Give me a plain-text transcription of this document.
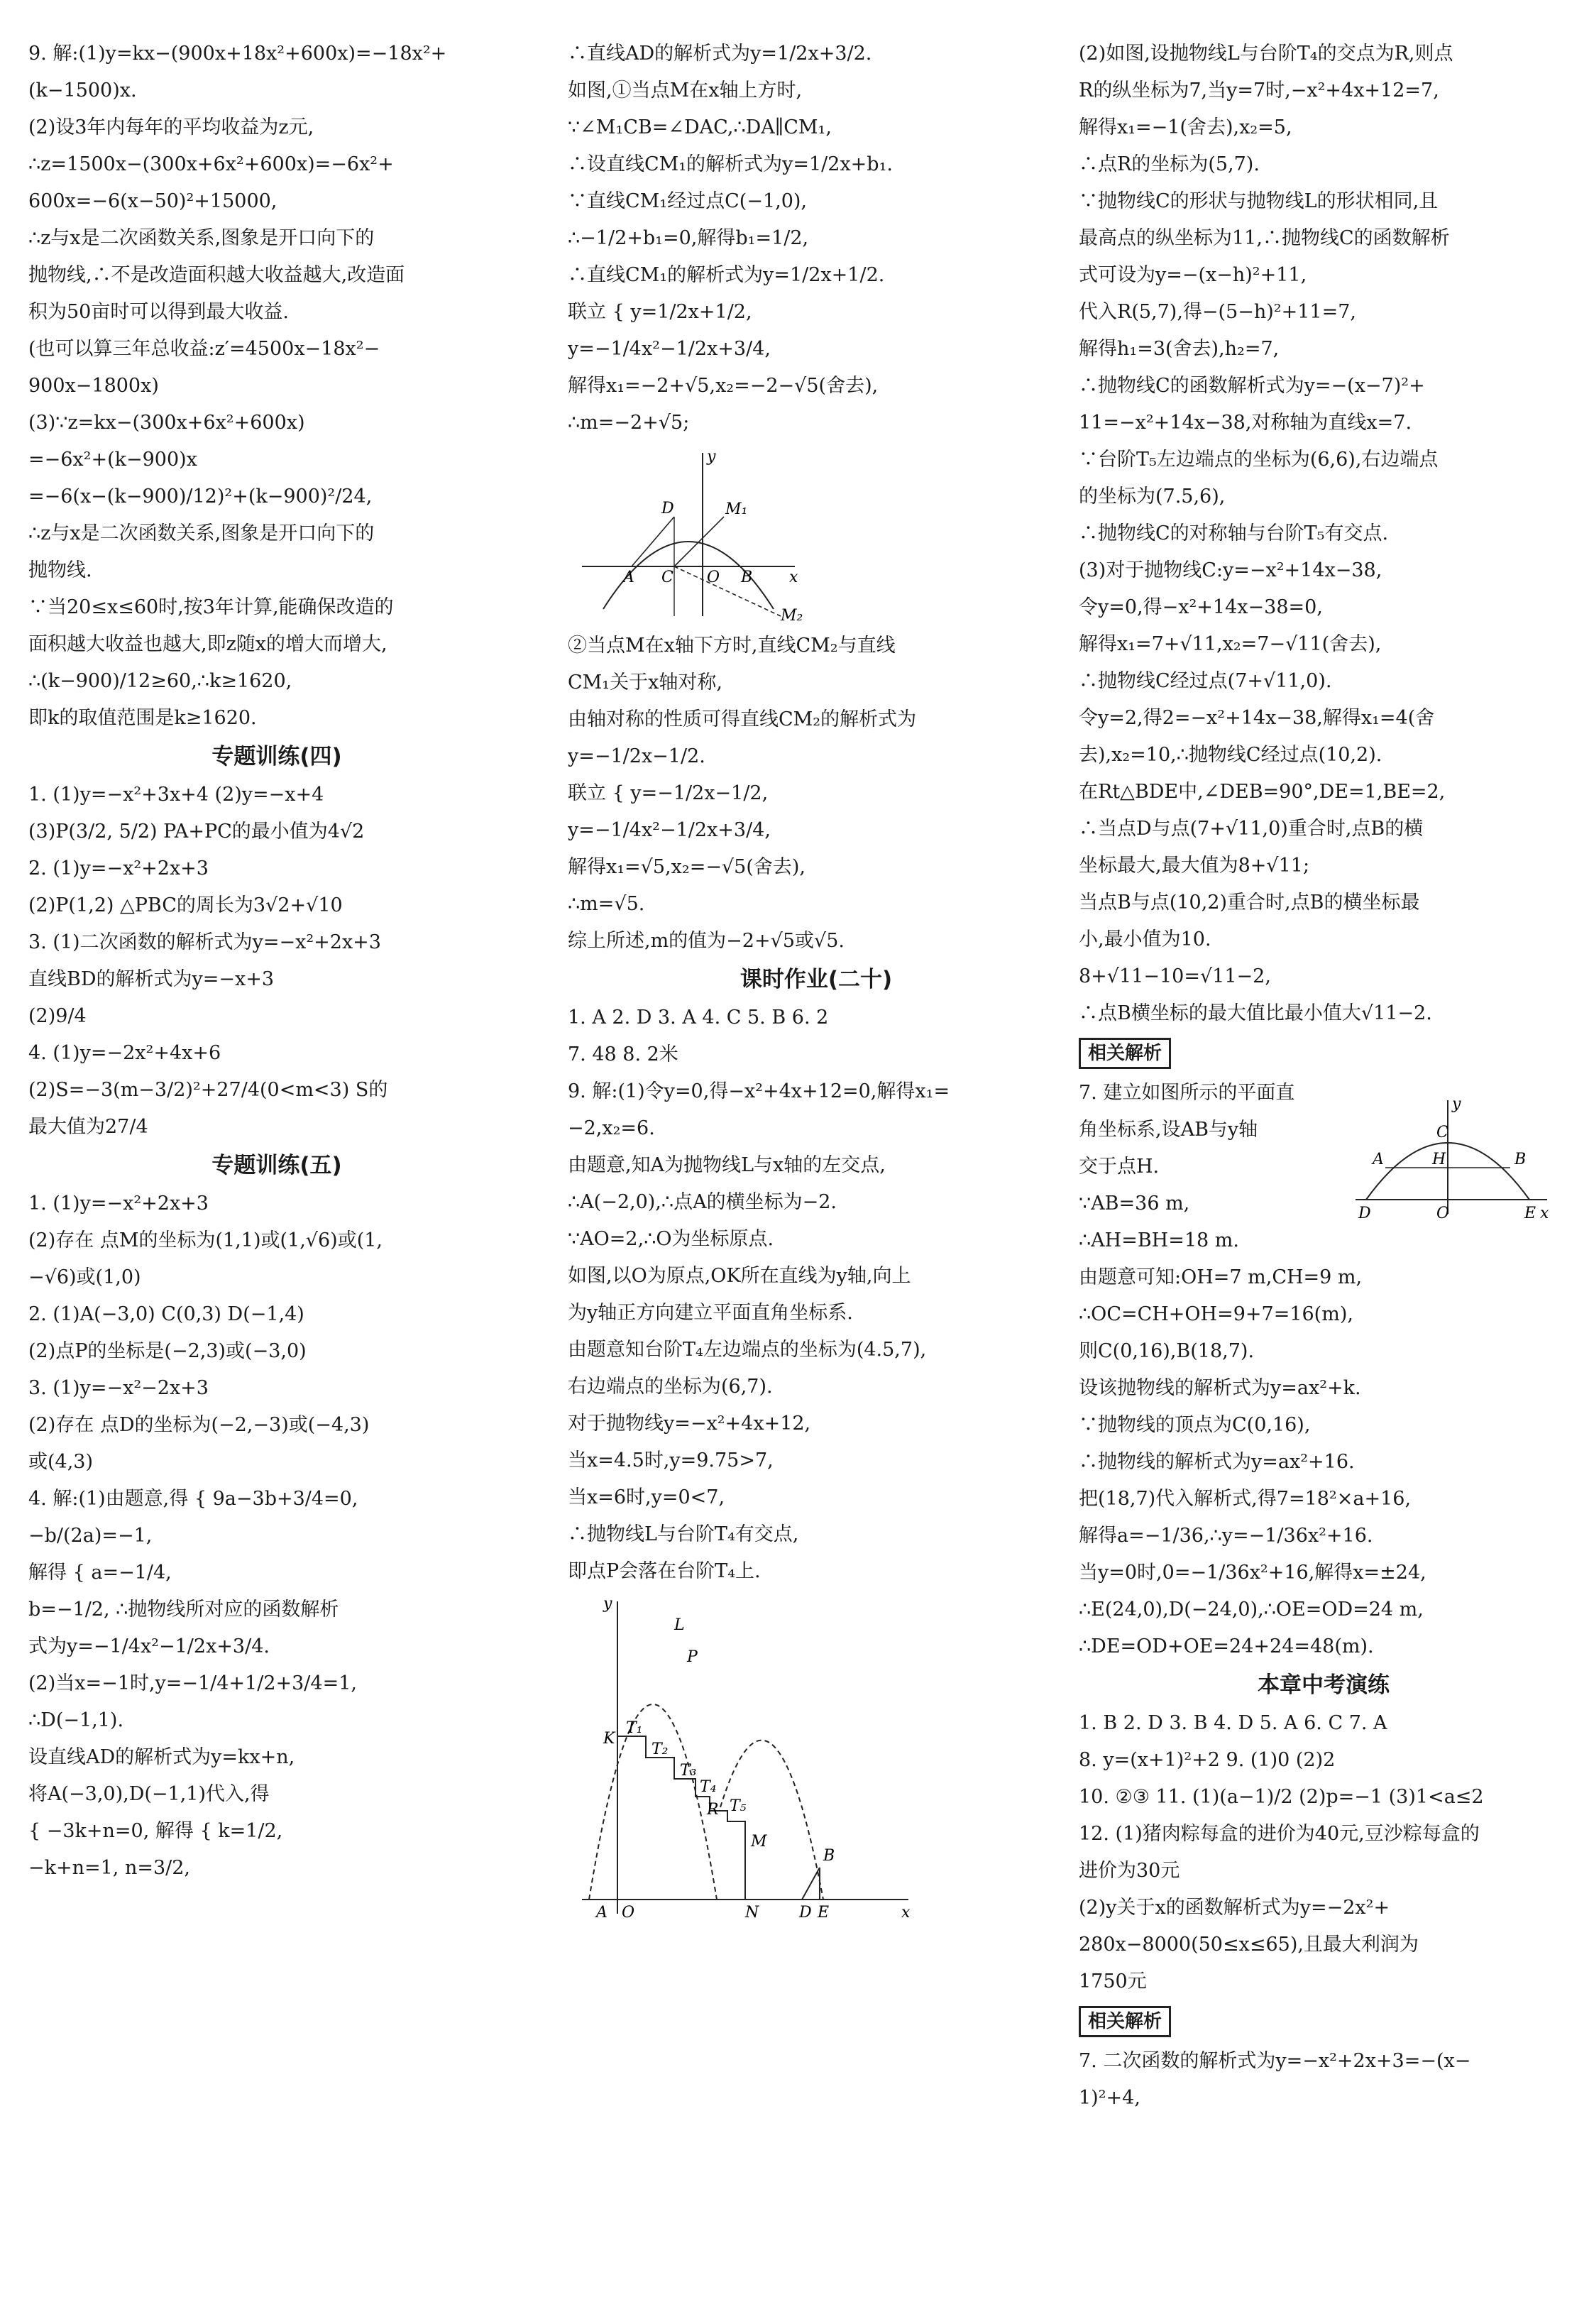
9. 解:(1)y=kx−(900x+18x²+600x)=−18x²+
(k−1500)x.
(2)设3年内每年的平均收益为z元,
∴z=1500x−(300x+6x²+600x)=−6x²+
600x=−6(x−50)²+15000,
∴z与x是二次函数关系,图象是开口向下的
抛物线,∴不是改造面积越大收益越大,改造面
积为50亩时可以得到最大收益.
(也可以算三年总收益:z′=4500x−18x²−
900x−1800x)
(3)∵z=kx−(300x+6x²+600x)
=−6x²+(k−900)x
=−6(x−(k−900)/12)²+(k−900)²/24,
∴z与x是二次函数关系,图象是开口向下的
抛物线.
∵当20≤x≤60时,按3年计算,能确保改造的
面积越大收益也越大,即z随x的增大而增大,
∴(k−900)/12≥60,∴k≥1620,
即k的取值范围是k≥1620.
专题训练(四)
1. (1)y=−x²+3x+4 (2)y=−x+4
(3)P(3/2, 5/2) PA+PC的最小值为4√2
2. (1)y=−x²+2x+3
(2)P(1,2) △PBC的周长为3√2+√10
3. (1)二次函数的解析式为y=−x²+2x+3
直线BD的解析式为y=−x+3
(2)9/4
4. (1)y=−2x²+4x+6
(2)S=−3(m−3/2)²+27/4(0<m<3) S的
最大值为27/4
专题训练(五)
1. (1)y=−x²+2x+3
(2)存在 点M的坐标为(1,1)或(1,√6)或(1,
−√6)或(1,0)
2. (1)A(−3,0) C(0,3) D(−1,4)
(2)点P的坐标是(−2,3)或(−3,0)
3. (1)y=−x²−2x+3
(2)存在 点D的坐标为(−2,−3)或(−4,3)
或(4,3)
4. 解:(1)由题意,得 { 9a−3b+3/4=0,
−b/(2a)=−1,
解得 { a=−1/4,
b=−1/2, ∴抛物线所对应的函数解析
式为y=−1/4x²−1/2x+3/4.
(2)当x=−1时,y=−1/4+1/2+3/4=1,
∴D(−1,1).
设直线AD的解析式为y=kx+n,
将A(−3,0),D(−1,1)代入,得
{ −3k+n=0, 解得 { k=1/2,
−k+n=1, n=3/2,
∴直线AD的解析式为y=1/2x+3/2.
如图,①当点M在x轴上方时,
∵∠M₁CB=∠DAC,∴DA∥CM₁,
∴设直线CM₁的解析式为y=1/2x+b₁.
∵直线CM₁经过点C(−1,0),
∴−1/2+b₁=0,解得b₁=1/2,
∴直线CM₁的解析式为y=1/2x+1/2.
联立 { y=1/2x+1/2,
y=−1/4x²−1/2x+3/4,
解得x₁=−2+√5,x₂=−2−√5(舍去),
∴m=−2+√5;
y
D	M₁
A C O B x
M₂
②当点M在x轴下方时,直线CM₂与直线
CM₁关于x轴对称,
由轴对称的性质可得直线CM₂的解析式为
y=−1/2x−1/2.
联立 { y=−1/2x−1/2,
y=−1/4x²−1/2x+3/4,
解得x₁=√5,x₂=−√5(舍去),
∴m=√5.
综上所述,m的值为−2+√5或√5.
课时作业(二十)
1. A 2. D 3. A 4. C 5. B 6. 2
7. 48 8. 2米
9. 解:(1)令y=0,得−x²+4x+12=0,解得x₁=
−2,x₂=6.
由题意,知A为抛物线L与x轴的左交点,
∴A(−2,0),∴点A的横坐标为−2.
∵AO=2,∴O为坐标原点.
如图,以O为原点,OK所在直线为y轴,向上
为y轴正方向建立平面直角坐标系.
由题意知台阶T₄左边端点的坐标为(4.5,7),
右边端点的坐标为(6,7).
对于抛物线y=−x²+4x+12,
当x=4.5时,y=9.75>7,
当x=6时,y=0<7,
∴抛物线L与台阶T₄有交点,
即点P会落在台阶T₄上.
y
L
P
K
T₁
T₂
T₃
T₄
R T₅
M
B
A O	N	D E	x
(2)如图,设抛物线L与台阶T₄的交点为R,则点
R的纵坐标为7,当y=7时,−x²+4x+12=7,
解得x₁=−1(舍去),x₂=5,
∴点R的坐标为(5,7).
∵抛物线C的形状与抛物线L的形状相同,且
最高点的纵坐标为11,∴抛物线C的函数解析
式可设为y=−(x−h)²+11,
代入R(5,7),得−(5−h)²+11=7,
解得h₁=3(舍去),h₂=7,
∴抛物线C的函数解析式为y=−(x−7)²+
11=−x²+14x−38,对称轴为直线x=7.
∵台阶T₅左边端点的坐标为(6,6),右边端点
的坐标为(7.5,6),
∴抛物线C的对称轴与台阶T₅有交点.
(3)对于抛物线C:y=−x²+14x−38,
令y=0,得−x²+14x−38=0,
解得x₁=7+√11,x₂=7−√11(舍去),
∴抛物线C经过点(7+√11,0).
令y=2,得2=−x²+14x−38,解得x₁=4(舍
去),x₂=10,∴抛物线C经过点(10,2).
在Rt△BDE中,∠DEB=90°,DE=1,BE=2,
∴当点D与点(7+√11,0)重合时,点B的横
坐标最大,最大值为8+√11;
当点B与点(10,2)重合时,点B的横坐标最
小,最小值为10.
8+√11−10=√11−2,
∴点B横坐标的最大值比最小值大√11−2.
相关解析
7. 建立如图所示的平面直
角坐标系,设AB与y轴
交于点H.
∵AB=36 m,
∴AH=BH=18 m.
由题意可知:OH=7 m,CH=9 m,
∴OC=CH+OH=9+7=16(m),
则C(0,16),B(18,7).
设该抛物线的解析式为y=ax²+k.
∵抛物线的顶点为C(0,16),
∴抛物线的解析式为y=ax²+16.
把(18,7)代入解析式,得7=18²×a+16,
解得a=−1/36,∴y=−1/36x²+16.
当y=0时,0=−1/36x²+16,解得x=±24,
∴E(24,0),D(−24,0),∴OE=OD=24 m,
∴DE=OD+OE=24+24=48(m).
本章中考演练
1. B 2. D 3. B 4. D 5. A 6. C 7. A
8. y=(x+1)²+2 9. (1)0 (2)2
10. ②③ 11. (1)(a−1)/2 (2)p=−1 (3)1<a≤2
12. (1)猪肉粽每盒的进价为40元,豆沙粽每盒的
进价为30元
(2)y关于x的函数解析式为y=−2x²+
280x−8000(50≤x≤65),且最大利润为
1750元
相关解析
7. 二次函数的解析式为y=−x²+2x+3=−(x−
1)²+4,
y
C
A	H	B
D	O	E x
